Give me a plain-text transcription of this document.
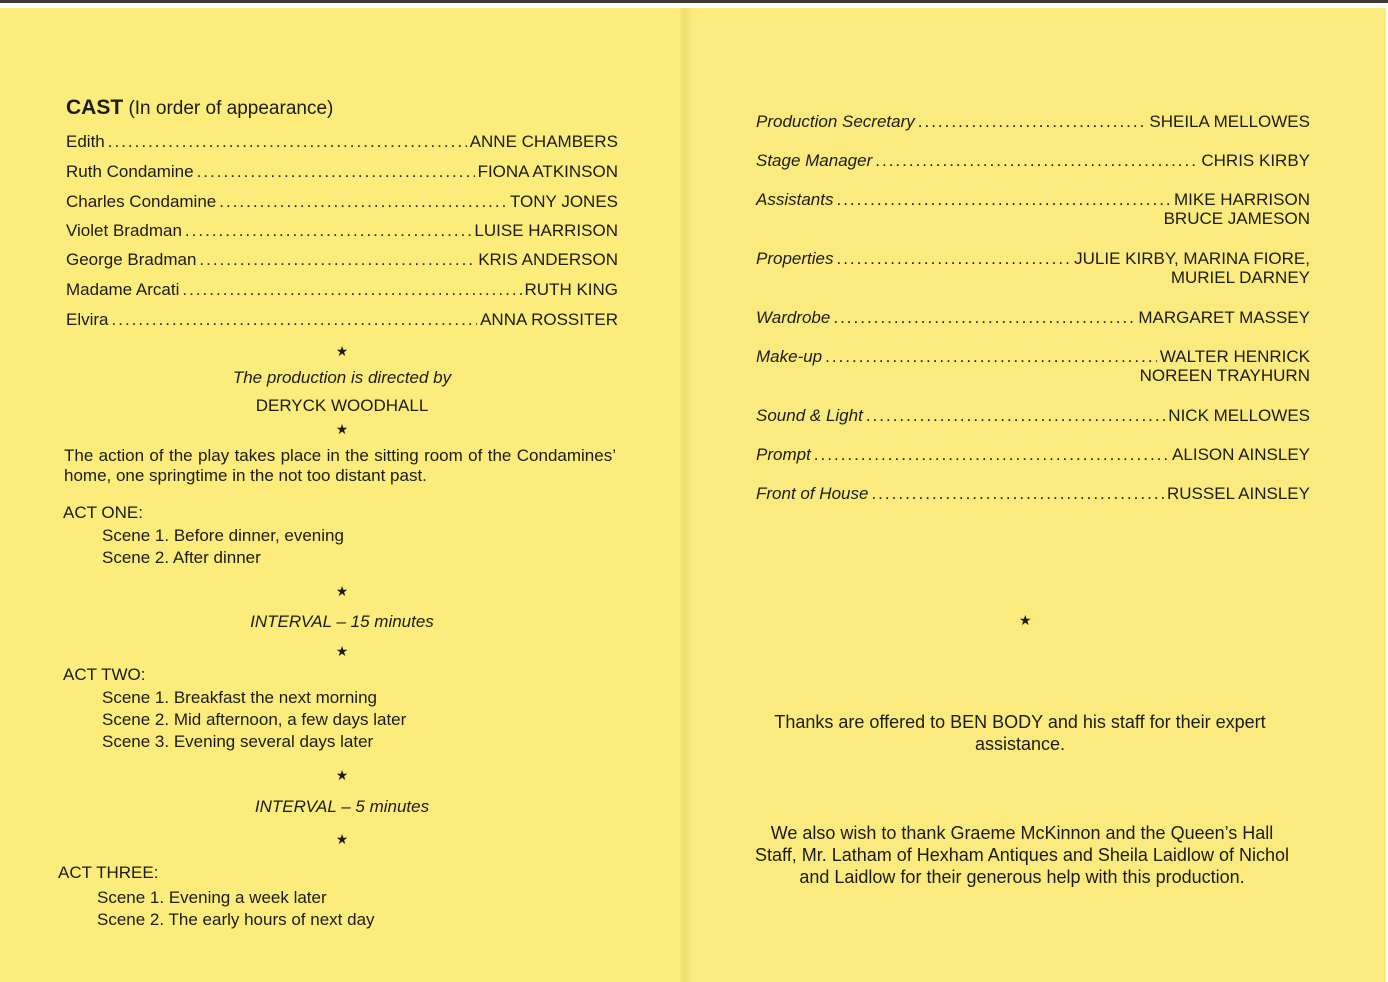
CAST (In order of appearance)
Edith .....	ANNE CHAMBERS
Ruth Condamine .....	FIONA ATKINSON
Charles Condamine .....	TONY JONES
Violet Bradman .....	LUISE HARRISON
George Bradman .....	KRIS ANDERSON
Madame Arcati .....	RUTH KING
Elvira .....	ANNA ROSSITER
★
The production is directed by
DERYCK WOODHALL
★
The action of the play takes place in the sitting room of the Condamines’ home, one springtime in the not too distant past.
ACT ONE:
Scene 1. Before dinner, evening
Scene 2. After dinner
★
INTERVAL – 15 minutes
★
ACT TWO:
Scene 1. Breakfast the next morning
Scene 2. Mid afternoon, a few days later
Scene 3. Evening several days later
★
INTERVAL – 5 minutes
★
ACT THREE:
Scene 1. Evening a week later
Scene 2. The early hours of next day
Production Secretary .....	SHEILA MELLOWES
Stage Manager .....	CHRIS KIRBY
Assistants .....	MIKE HARRISON
BRUCE JAMESON
Properties .....	JULIE KIRBY, MARINA FIORE,
MURIEL DARNEY
Wardrobe .....	MARGARET MASSEY
Make-up .....	WALTER HENRICK
NOREEN TRAYHURN
Sound & Light .....	NICK MELLOWES
Prompt .....	ALISON AINSLEY
Front of House .....	RUSSEL AINSLEY
★
Thanks are offered to BEN BODY and his staff for their expert assistance.
We also wish to thank Graeme McKinnon and the Queen’s Hall Staff, Mr. Latham of Hexham Antiques and Sheila Laidlow of Nichol and Laidlow for their generous help with this production.
